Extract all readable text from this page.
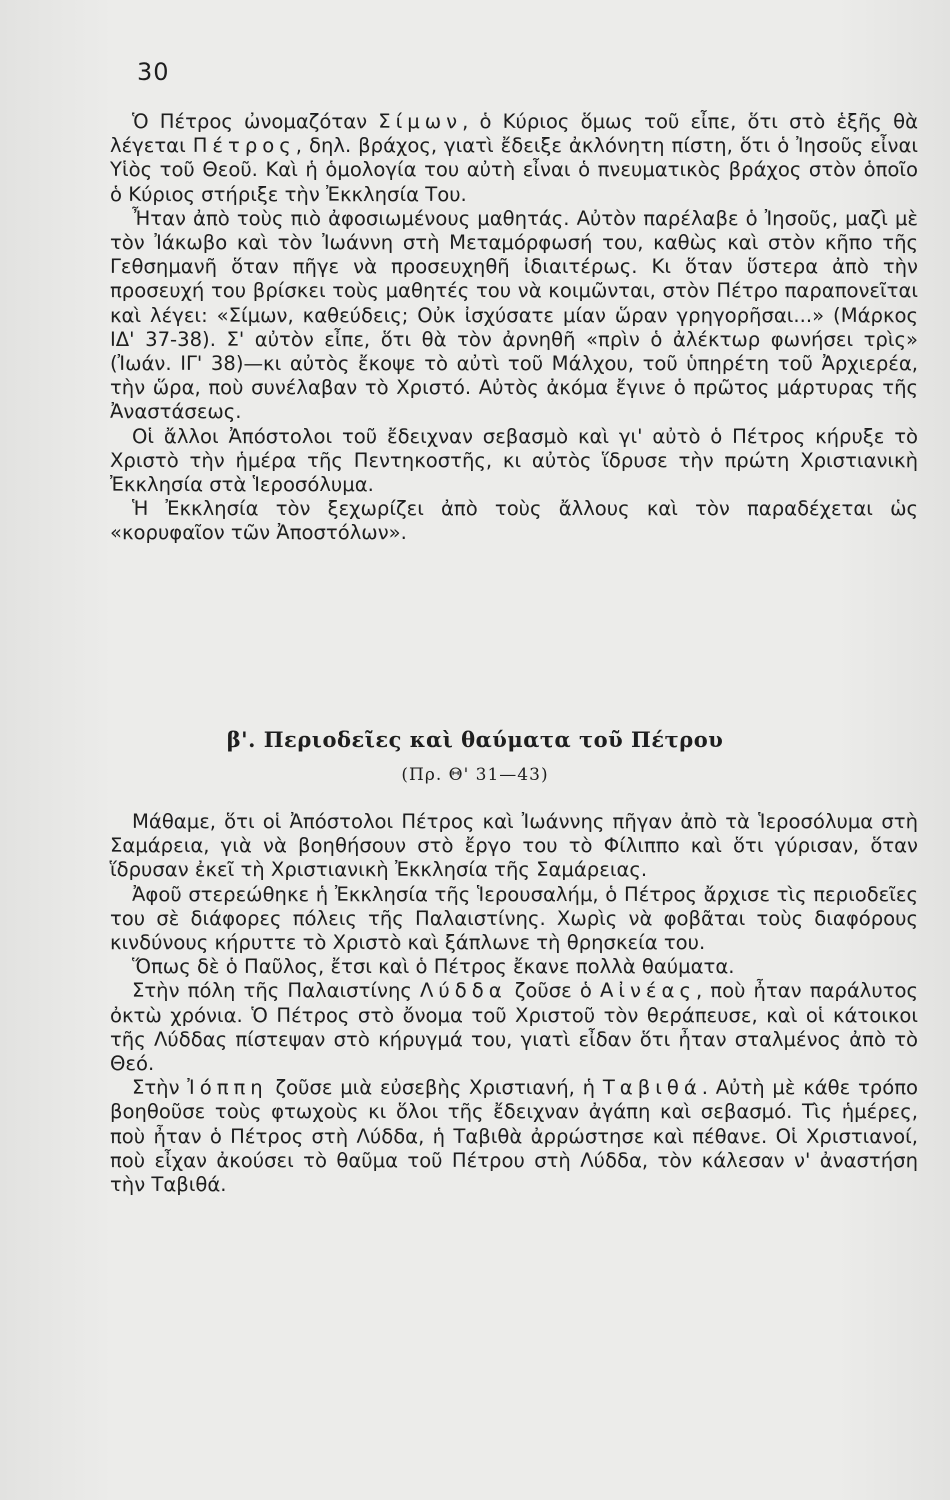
30

Ὁ Πέτρος ὠνομαζόταν Σίμων, ὁ Κύριος ὅμως τοῦ εἶπε, ὅτι στὸ ἑξῆς θὰ λέγεται Πέτρος, δηλ. βράχος, γιατὶ ἔδειξε ἀκλόνητη πίστη, ὅτι ὁ Ἰησοῦς εἶναι Υἱὸς τοῦ Θεοῦ. Καὶ ἡ ὁμολογία του αὐτὴ εἶναι ὁ πνευματικὸς βράχος στὸν ὁποῖο ὁ Κύριος στήριξε τὴν Ἐκκλησία Του.

Ἦταν ἀπὸ τοὺς πιὸ ἀφοσιωμένους μαθητάς. Αὐτὸν παρέλαβε ὁ Ἰησοῦς, μαζὶ μὲ τὸν Ἰάκωβο καὶ τὸν Ἰωάννη στὴ Μεταμόρφωσή του, καθὼς καὶ στὸν κῆπο τῆς Γεθσημανῆ ὅταν πῆγε νὰ προσευχηθῆ ἰδιαιτέρως. Κι ὅταν ὕστερα ἀπὸ τὴν προσευχή του βρίσκει τοὺς μαθητές του νὰ κοιμῶνται, στὸν Πέτρο παραπονεῖται καὶ λέγει: «Σίμων, καθεύδεις; Οὐκ ἰσχύσατε μίαν ὥραν γρηγορῆσαι...» (Μάρκος ΙΔ' 37-38). Σ' αὐτὸν εἶπε, ὅτι θὰ τὸν ἀρνηθῆ «πρὶν ὁ ἀλέκτωρ φωνήσει τρὶς» (Ἰωάν. ΙΓ' 38)—κι αὐτὸς ἔκοψε τὸ αὐτὶ τοῦ Μάλχου, τοῦ ὑπηρέτη τοῦ Ἀρχιερέα, τὴν ὥρα, ποὺ συνέλαβαν τὸ Χριστό. Αὐτὸς ἀκόμα ἔγινε ὁ πρῶτος μάρτυρας τῆς Ἀναστάσεως.

Οἱ ἄλλοι Ἀπόστολοι τοῦ ἔδειχναν σεβασμὸ καὶ γι' αὐτὸ ὁ Πέτρος κήρυξε τὸ Χριστὸ τὴν ἡμέρα τῆς Πεντηκοστῆς, κι αὐτὸς ἵδρυσε τὴν πρώτη Χριστιανικὴ Ἐκκλησία στὰ Ἱεροσόλυμα.

Ἡ Ἐκκλησία τὸν ξεχωρίζει ἀπὸ τοὺς ἄλλους καὶ τὸν παραδέχεται ὡς «κορυφαῖον τῶν Ἀποστόλων».

β'. Περιοδεῖες καὶ θαύματα τοῦ Πέτρου
(Πρ. Θ' 31—43)

Μάθαμε, ὅτι οἱ Ἀπόστολοι Πέτρος καὶ Ἰωάννης πῆγαν ἀπὸ τὰ Ἱεροσόλυμα στὴ Σαμάρεια, γιὰ νὰ βοηθήσουν στὸ ἔργο του τὸ Φίλιππο καὶ ὅτι γύρισαν, ὅταν ἵδρυσαν ἐκεῖ τὴ Χριστιανικὴ Ἐκκλησία τῆς Σαμάρειας.

Ἀφοῦ στερεώθηκε ἡ Ἐκκλησία τῆς Ἱερουσαλήμ, ὁ Πέτρος ἄρχισε τὶς περιοδεῖες του σὲ διάφορες πόλεις τῆς Παλαιστίνης. Χωρὶς νὰ φοβᾶται τοὺς διαφόρους κινδύνους κήρυττε τὸ Χριστὸ καὶ ξάπλωνε τὴ θρησκεία του.

Ὅπως δὲ ὁ Παῦλος, ἔτσι καὶ ὁ Πέτρος ἔκανε πολλὰ θαύματα.

Στὴν πόλη τῆς Παλαιστίνης Λύδδα ζοῦσε ὁ Αἰνέας, ποὺ ἦταν παράλυτος ὀκτὼ χρόνια. Ὁ Πέτρος στὸ ὄνομα τοῦ Χριστοῦ τὸν θεράπευσε, καὶ οἱ κάτοικοι τῆς Λύδδας πίστεψαν στὸ κήρυγμά του, γιατὶ εἶδαν ὅτι ἦταν σταλμένος ἀπὸ τὸ Θεό.

Στὴν Ἰόππη ζοῦσε μιὰ εὐσεβὴς Χριστιανή, ἡ Ταβιθά. Αὐτὴ μὲ κάθε τρόπο βοηθοῦσε τοὺς φτωχοὺς κι ὅλοι τῆς ἔδειχναν ἀγάπη καὶ σεβασμό. Τὶς ἡμέρες, ποὺ ἦταν ὁ Πέτρος στὴ Λύδδα, ἡ Ταβιθὰ ἀρρώστησε καὶ πέθανε. Οἱ Χριστιανοί, ποὺ εἶχαν ἀκούσει τὸ θαῦμα τοῦ Πέτρου στὴ Λύδδα, τὸν κάλεσαν ν' ἀναστήση τὴν Ταβιθά.
